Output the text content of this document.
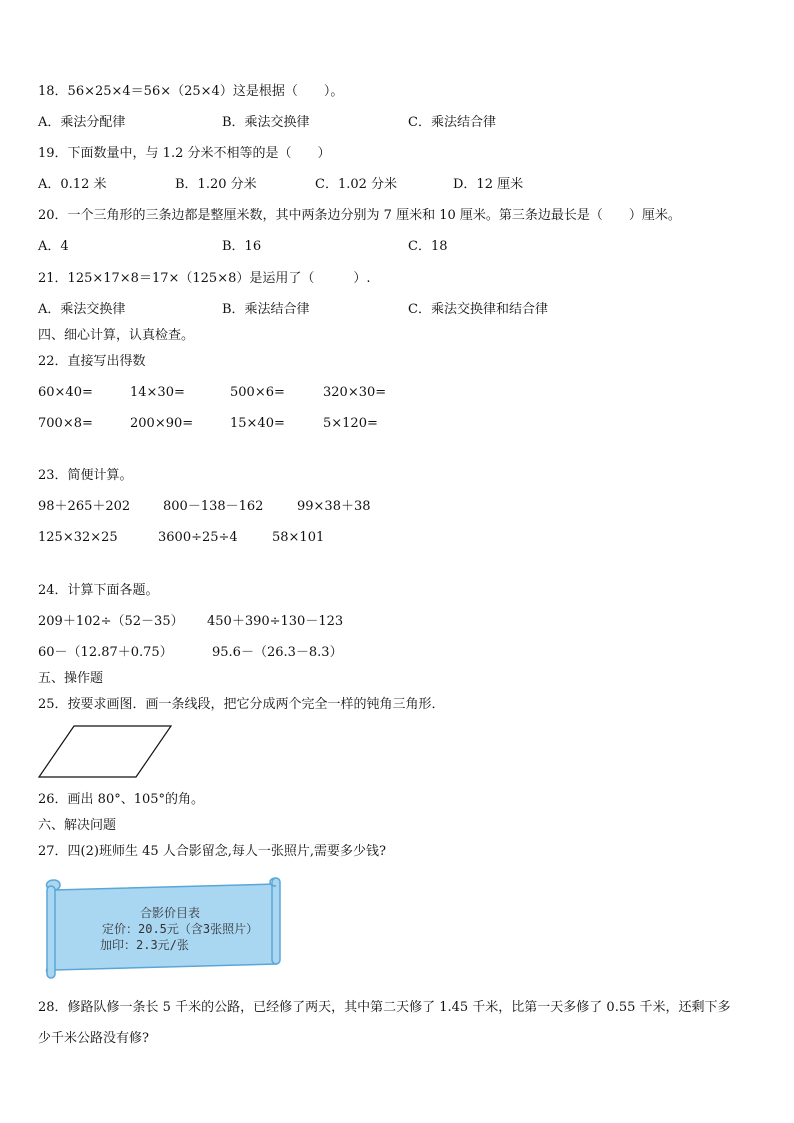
18．56×25×4＝56×（25×4）这是根据（　　）。
A．乘法分配律	B．乘法交换律	C．乘法结合律
19．下面数量中，与 1.2 分米不相等的是（　　）
A．0.12 米	B．1.20 分米	C．1.02 分米	D．12 厘米
20．一个三角形的三条边都是整厘米数，其中两条边分别为 7 厘米和 10 厘米。第三条边最长是（　　）厘米。
A．4	B．16	C．18
21．125×17×8＝17×（125×8）是运用了（　　　）.
A．乘法交换律	B．乘法结合律	C．乘法交换律和结合律
四、细心计算，认真检查。
22．直接写出得数
60×40=	14×30=	500×6=	320×30=
700×8=	200×90=	15×40=	5×120=
23．简便计算。
98＋265＋202	800－138－162	99×38＋38
125×32×25	3600÷25÷4	58×101
24．计算下面各题。
209＋102÷（52－35） 450＋390÷130－123
60－（12.87＋0.75）	95.6－（26.3－8.3）
五、操作题
25．按要求画图．画一条线段，把它分成两个完全一样的钝角三角形．
26．画出 80°、105°的角。
六、解决问题
27．四(2)班师生 45 人合影留念,每人一张照片,需要多少钱?
合影价目表
定价：20.5元（含3张照片）
加印：2.3元/张
28．修路队修一条长 5 千米的公路，已经修了两天，其中第二天修了 1.45 千米，比第一天多修了 0.55 千米，还剩下多
少千米公路没有修?
